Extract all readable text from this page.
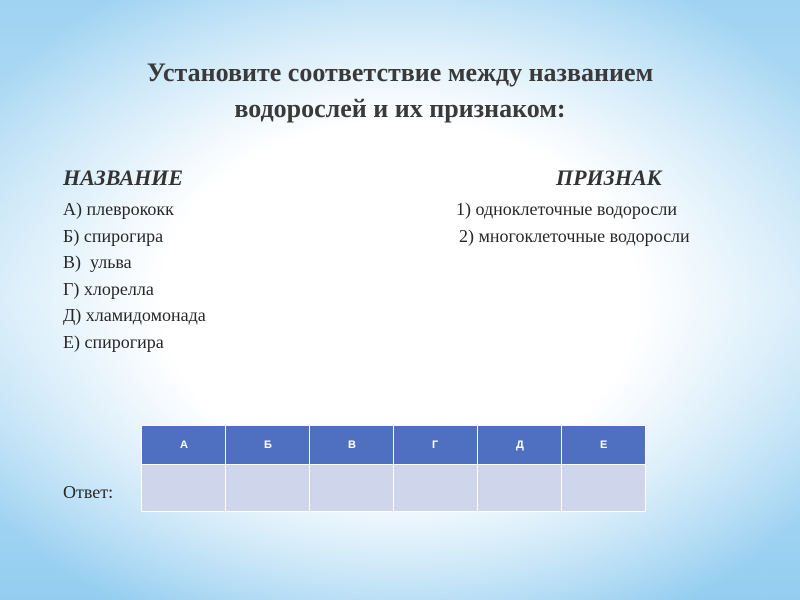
Установите соответствие между названием
водорослей и их признаком:
НАЗВАНИЕ	ПРИЗНАК
А) плеврококк
Б) спирогира
В)  ульва
Г) хлорелла
Д) хламидомонада
Е) спирогира
1) одноклеточные водоросли
2) многоклеточные водоросли
Ответ:
А	Б	В	Г	Д	Е
